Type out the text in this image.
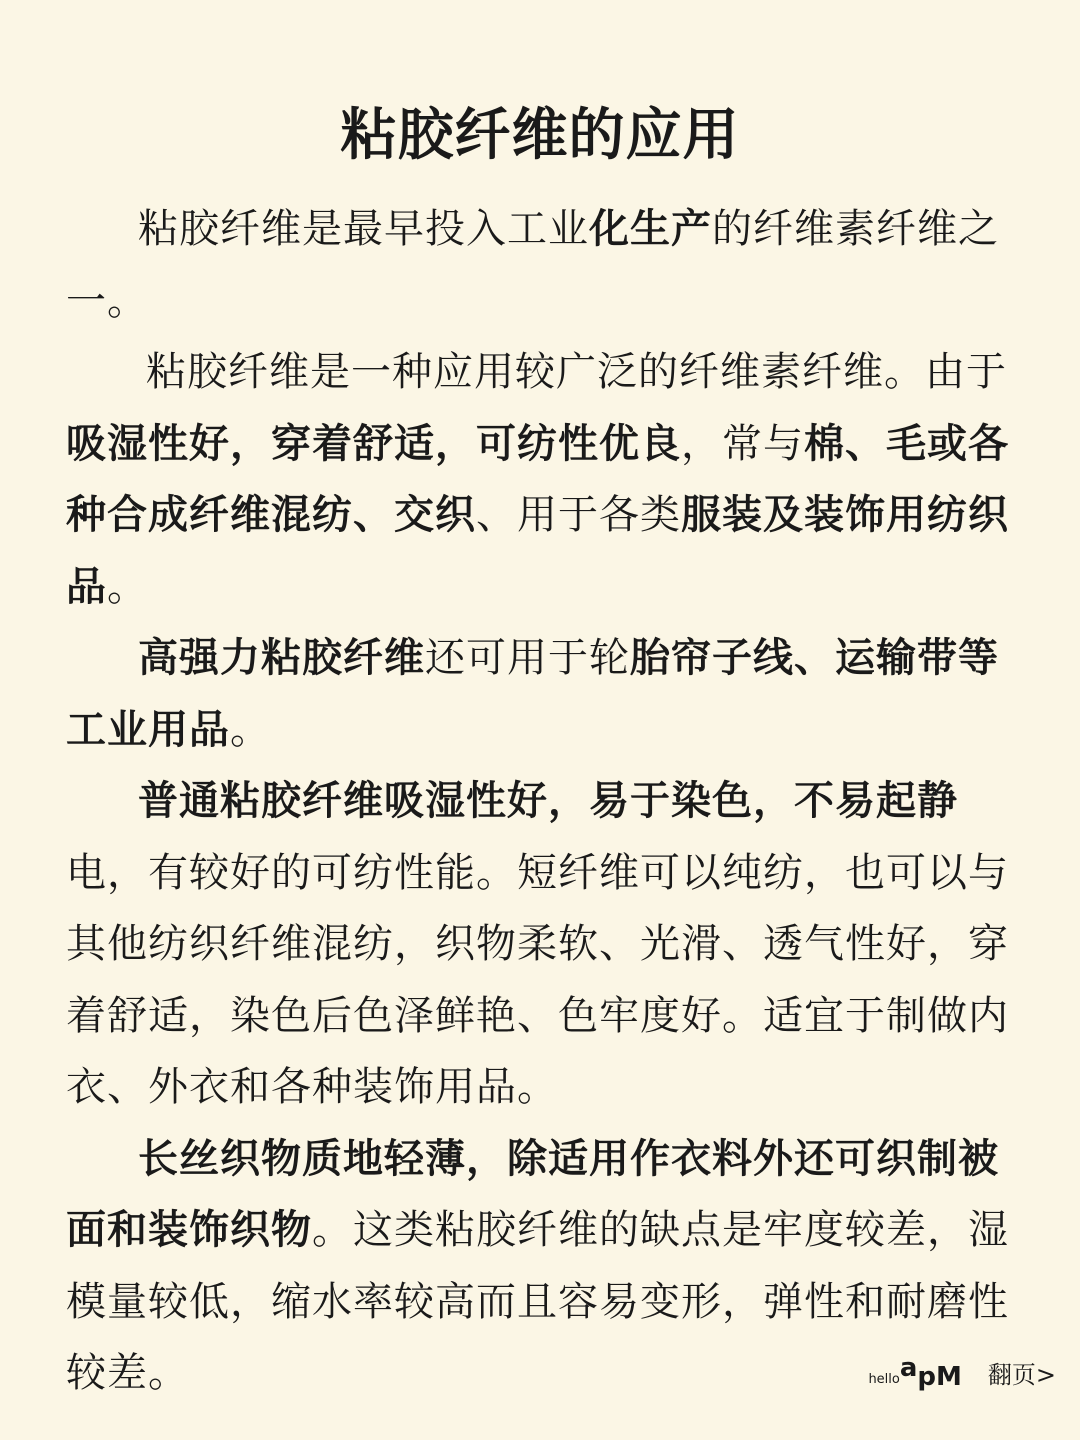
粘胶纤维的应用

粘胶纤维是最早投入工业化生产的纤维素纤维之一。

粘胶纤维是一种应用较广泛的纤维素纤维。由于吸湿性好，穿着舒适，可纺性优良，常与棉、毛或各种合成纤维混纺、交织、用于各类服装及装饰用纺织品。

高强力粘胶纤维还可用于轮胎帘子线、运输带等工业用品。

普通粘胶纤维吸湿性好，易于染色，不易起静电，有较好的可纺性能。短纤维可以纯纺，也可以与其他纺织纤维混纺，织物柔软、光滑、透气性好，穿着舒适，染色后色泽鲜艳、色牢度好。适宜于制做内衣、外衣和各种装饰用品。

长丝织物质地轻薄，除适用作衣料外还可织制被面和装饰织物。这类粘胶纤维的缺点是牢度较差，湿模量较低，缩水率较高而且容易变形，弹性和耐磨性较差。	hello a pM 翻页>
